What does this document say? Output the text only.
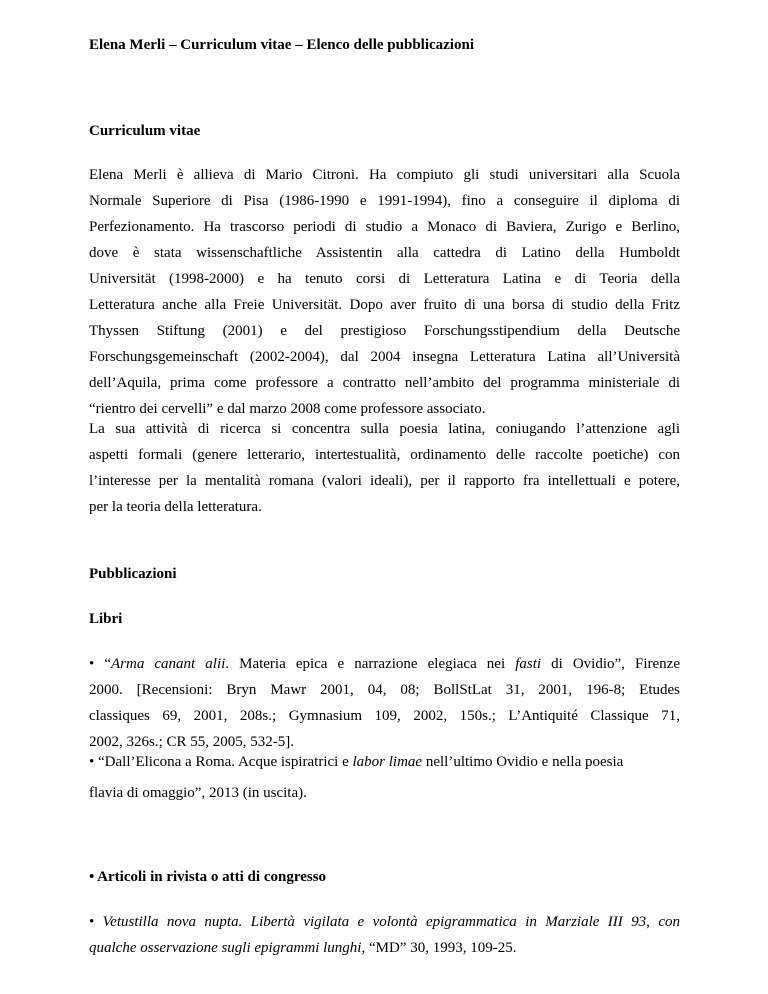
Elena Merli – Curriculum vitae – Elenco delle pubblicazioni
Curriculum vitae
Elena Merli è allieva di Mario Citroni. Ha compiuto gli studi universitari alla Scuola
Normale Superiore di Pisa (1986-1990 e 1991-1994), fino a conseguire il diploma di
Perfezionamento. Ha trascorso periodi di studio a Monaco di Baviera, Zurigo e Berlino,
dove è stata wissenschaftliche Assistentin alla cattedra di Latino della Humboldt
Universität (1998-2000) e ha tenuto corsi di Letteratura Latina e di Teoria della
Letteratura anche alla Freie Universität. Dopo aver fruito di una borsa di studio della Fritz
Thyssen Stiftung (2001) e del prestigioso Forschungsstipendium della Deutsche
Forschungsgemeinschaft (2002-2004), dal 2004 insegna Letteratura Latina all’Università
dell’Aquila, prima come professore a contratto nell’ambito del programma ministeriale di
“rientro dei cervelli” e dal marzo 2008 come professore associato.
La sua attività di ricerca si concentra sulla poesia latina, coniugando l’attenzione agli
aspetti formali (genere letterario, intertestualità, ordinamento delle raccolte poetiche) con
l’interesse per la mentalità romana (valori ideali), per il rapporto fra intellettuali e potere,
per la teoria della letteratura.
Pubblicazioni
Libri
• “Arma canant alii. Materia epica e narrazione elegiaca nei fasti di Ovidio”, Firenze
2000. [Recensioni: Bryn Mawr 2001, 04, 08; BollStLat 31, 2001, 196-8; Etudes
classiques 69, 2001, 208s.; Gymnasium 109, 2002, 150s.; L’Antiquité Classique 71,
2002, 326s.; CR 55, 2005, 532-5].
• “Dall’Elicona a Roma. Acque ispiratrici e labor limae nell’ultimo Ovidio e nella poesia
flavia di omaggio”, 2013 (in uscita).
• Articoli in rivista o atti di congresso
• Vetustilla nova nupta. Libertà vigilata e volontà epigrammatica in Marziale III 93, con
qualche osservazione sugli epigrammi lunghi, “MD” 30, 1993, 109-25.
